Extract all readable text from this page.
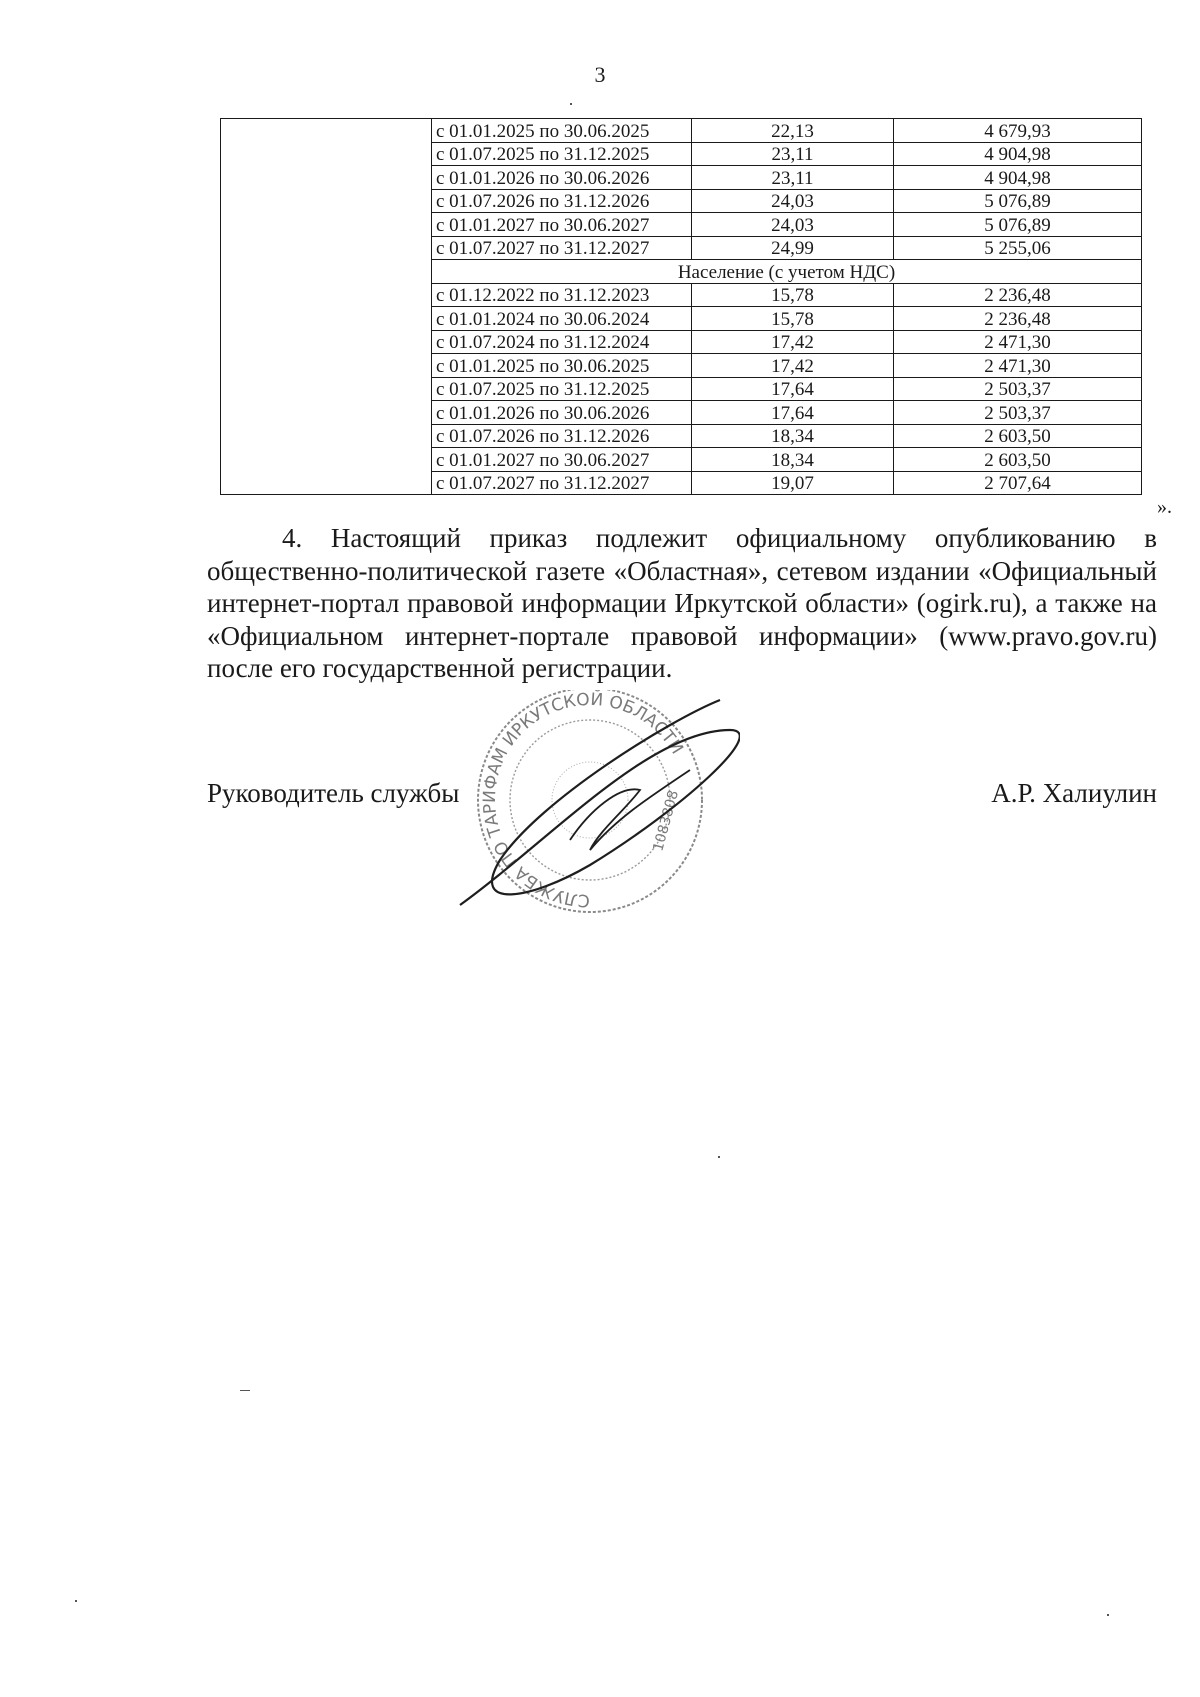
3
	с 01.01.2025 по 30.06.2025	22,13	4 679,93
	с 01.07.2025 по 31.12.2025	23,11	4 904,98
	с 01.01.2026 по 30.06.2026	23,11	4 904,98
	с 01.07.2026 по 31.12.2026	24,03	5 076,89
	с 01.01.2027 по 30.06.2027	24,03	5 076,89
	с 01.07.2027 по 31.12.2027	24,99	5 255,06
	Население (с учетом НДС)		
	с 01.12.2022 по 31.12.2023	15,78	2 236,48
	с 01.01.2024 по 30.06.2024	15,78	2 236,48
	с 01.07.2024 по 31.12.2024	17,42	2 471,30
	с 01.01.2025 по 30.06.2025	17,42	2 471,30
	с 01.07.2025 по 31.12.2025	17,64	2 503,37
	с 01.01.2026 по 30.06.2026	17,64	2 503,37
	с 01.07.2026 по 31.12.2026	18,34	2 603,50
	с 01.01.2027 по 30.06.2027	18,34	2 603,50
	с 01.07.2027 по 31.12.2027	19,07	2 707,64
».
4. Настоящий приказ подлежит официальному опубликованию в общественно-политической газете «Областная», сетевом издании «Официальный интернет-портал правовой информации Иркутской области» (ogirk.ru), а также на «Официальном интернет-портале правовой информации» (www.pravo.gov.ru) после его государственной регистрации.
СЛУЖБА ПО ТАРИФАМ ИРКУТСКОЙ ОБЛАСТИ
1083808
Руководитель службы	А.Р. Халиулин
